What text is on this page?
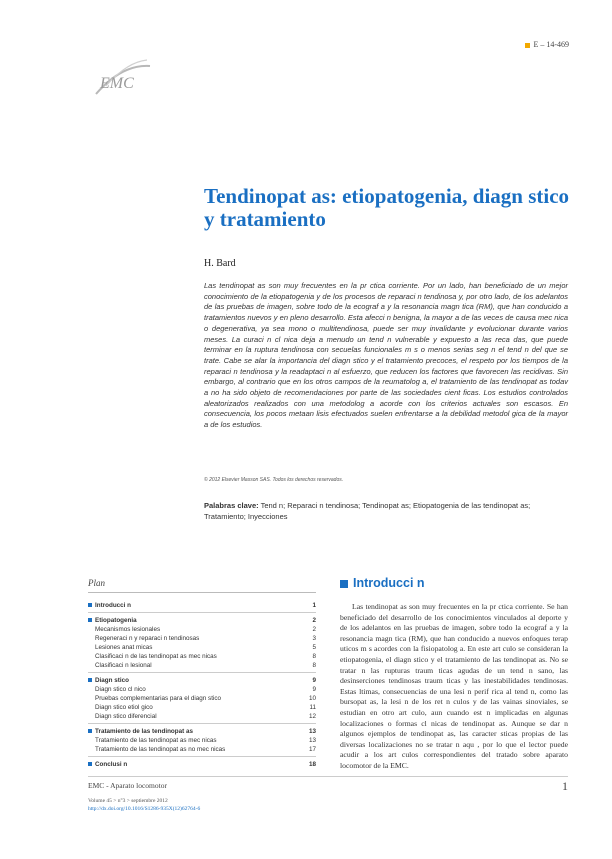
E – 14-469
EMC
Tendinopat as: etiopatogenia, diagn stico y tratamiento
H. Bard

Las tendinopat as son muy frecuentes en la pr ctica corriente. Por un lado, han beneficiado de un mejor conocimiento de la etiopatogenia y de los procesos de reparaci n tendinosa y, por otro lado, de los adelantos de las pruebas de imagen, sobre todo de la ecograf a y la resonancia magn tica (RM), que han conducido a tratamientos nuevos y en pleno desarrollo. Esta afecci n benigna, la mayor a de las veces de causa mec nica o degenerativa, ya sea mono o multitendinosa, puede ser muy invalidante y evolucionar durante varios meses. La curaci n cl nica deja a menudo un tend n vulnerable y expuesto a las reca das, que puede terminar en la ruptura tendinosa con secuelas funcionales m s o menos serias seg n el tend n del que se trate. Cabe se alar la importancia del diagn stico y el tratamiento precoces, el respeto por los tiempos de la reparaci n tendinosa y la readaptaci n al esfuerzo, que reducen los factores que favorecen las recidivas. Sin embargo, al contrario que en los otros campos de la reumatolog a, el tratamiento de las tendinopat as todav a no ha sido objeto de recomendaciones por parte de las sociedades cient ficas. Los estudios controlados aleatorizados realizados con una metodolog a acorde con los criterios actuales son escasos. En consecuencia, los pocos metaan lisis efectuados suelen enfrentarse a la debilidad metodol gica de la mayor a de los estudios.

© 2012 Elsevier Masson SAS. Todos los derechos reservados.
Palabras clave: Tend n; Reparaci n tendinosa; Tendinopat as; Etiopatogenia de las tendinopat as; Tratamiento; Inyecciones
Plan
Introducci n	1
Etiopatogenia	2
Mecanismos lesionales	2
Regeneraci n y reparaci n tendinosas	3
Lesiones anat micas	5
Clasificaci n de las tendinopat as mec nicas	8
Clasificaci n lesional	8
Diagn stico	9
Diagn stico cl nico	9
Pruebas complementarias para el diagn stico	10
Diagn stico etiol gico	11
Diagn stico diferencial	12
Tratamiento de las tendinopat as	13
Tratamiento de las tendinopat as mec nicas	13
Tratamiento de las tendinopat as no mec nicas	17
Conclusi n	18
Introducci n

Las tendinopat as son muy frecuentes en la pr ctica corriente. Se han beneficiado del desarrollo de los conocimientos vinculados al deporte y de los adelantos en las pruebas de imagen, sobre todo la ecograf a y la resonancia magn tica (RM), que han conducido a nuevos enfoques terap uticos m s acordes con la fisiopatolog a. En este art culo se consideran la etiopatogenia, el diagn stico y el tratamiento de las tendinopat as. No se tratar n las rupturas traum ticas agudas de un tend n sano, las desinserciones tendinosas traum ticas y las inestabilidades tendinosas. Estas ltimas, consecuencias de una lesi n perif rica al tend n, como las bursopat as, la lesi n de los ret n culos y de las vainas sinoviales, se estudian en otro art culo, aun cuando est n implicadas en algunas localizaciones o formas cl nicas de tendinopat as. Aunque se dar n algunos ejemplos de tendinopat as, las caracter sticas propias de las diversas localizaciones no se tratar n aqu , por lo que el lector puede acudir a los art culos correspondientes del tratado sobre aparato locomotor de la EMC.

EMC - Aparato locomotor	1
Volume 45 > n°3 > septiembre 2012
http://dx.doi.org/10.1016/S1286-935X(12)62764-6
